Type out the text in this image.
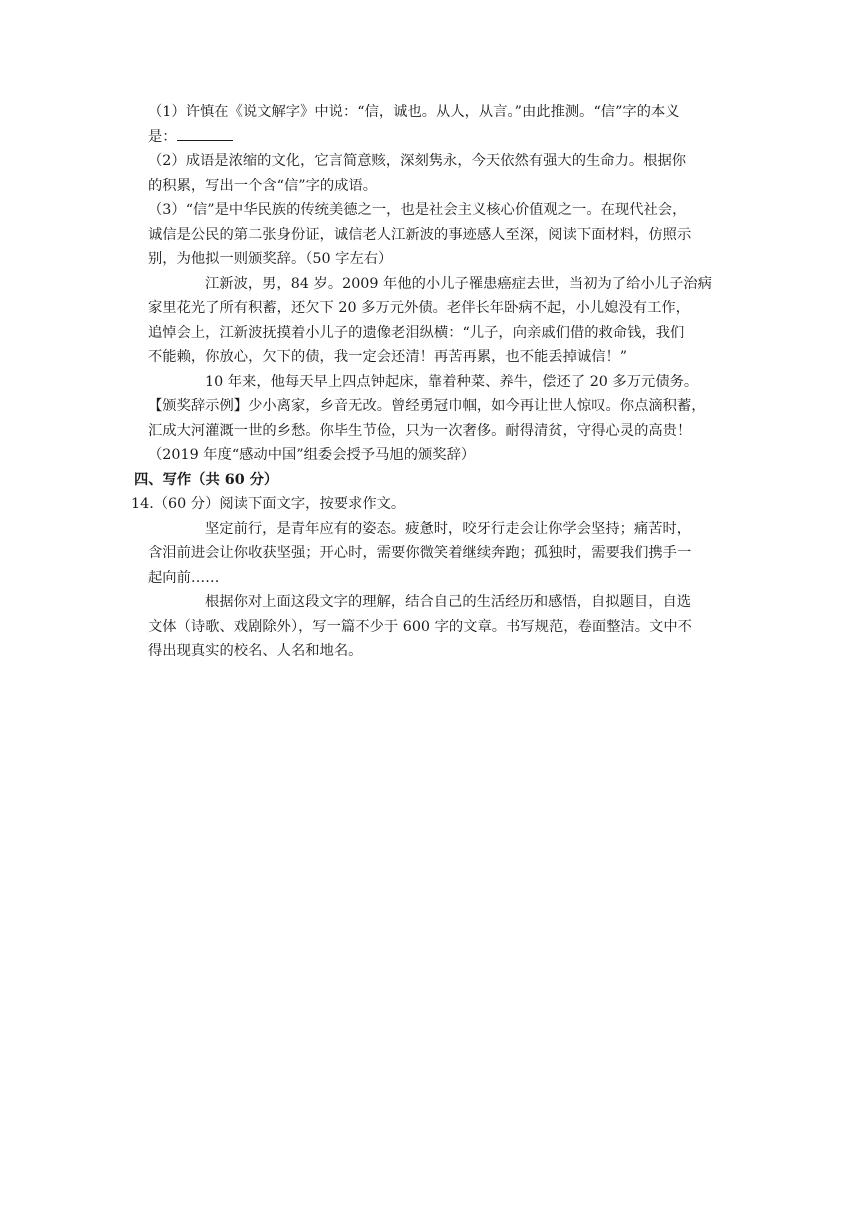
（1）许慎在《说文解字》中说：“信，诚也。从人，从言。”由此推测。“信”字的本义

是：

（2）成语是浓缩的文化，它言简意赅，深刻隽永，今天依然有强大的生命力。根据你

的积累，写出一个含“信”字的成语。

（3）“信”是中华民族的传统美德之一，也是社会主义核心价值观之一。在现代社会，

诚信是公民的第二张身份证，诚信老人江新波的事迹感人至深，阅读下面材料，仿照示

别，为他拟一则颁奖辞。（50 字左右）

江新波，男，84 岁。2009 年他的小儿子罹患癌症去世，当初为了给小儿子治病

家里花光了所有积蓄，还欠下 20 多万元外债。老伴长年卧病不起，小儿媳没有工作，

追悼会上，江新波抚摸着小儿子的遗像老泪纵横：“儿子，向亲戚们借的救命钱，我们

不能赖，你放心，欠下的债，我一定会还清！再苦再累，也不能丢掉诚信！”

10 年来，他每天早上四点钟起床，靠着种菜、养牛，偿还了 20 多万元债务。

【颁奖辞示例】少小离家，乡音无改。曾经勇冠巾帼，如今再让世人惊叹。你点滴积蓄，

汇成大河灌溉一世的乡愁。你毕生节俭，只为一次奢侈。耐得清贫，守得心灵的高贵！

（2019 年度“感动中国”组委会授予马旭的颁奖辞）

四、写作（共 60 分）

14.（60 分）阅读下面文字，按要求作文。

坚定前行，是青年应有的姿态。疲惫时，咬牙行走会让你学会坚持；痛苦时，

含泪前进会让你收获坚强；开心时，需要你微笑着继续奔跑；孤独时，需要我们携手一

起向前……

根据你对上面这段文字的理解，结合自己的生活经历和感悟，自拟题目，自选

文体（诗歌、戏剧除外），写一篇不少于 600 字的文章。书写规范，卷面整洁。文中不

得出现真实的校名、人名和地名。
